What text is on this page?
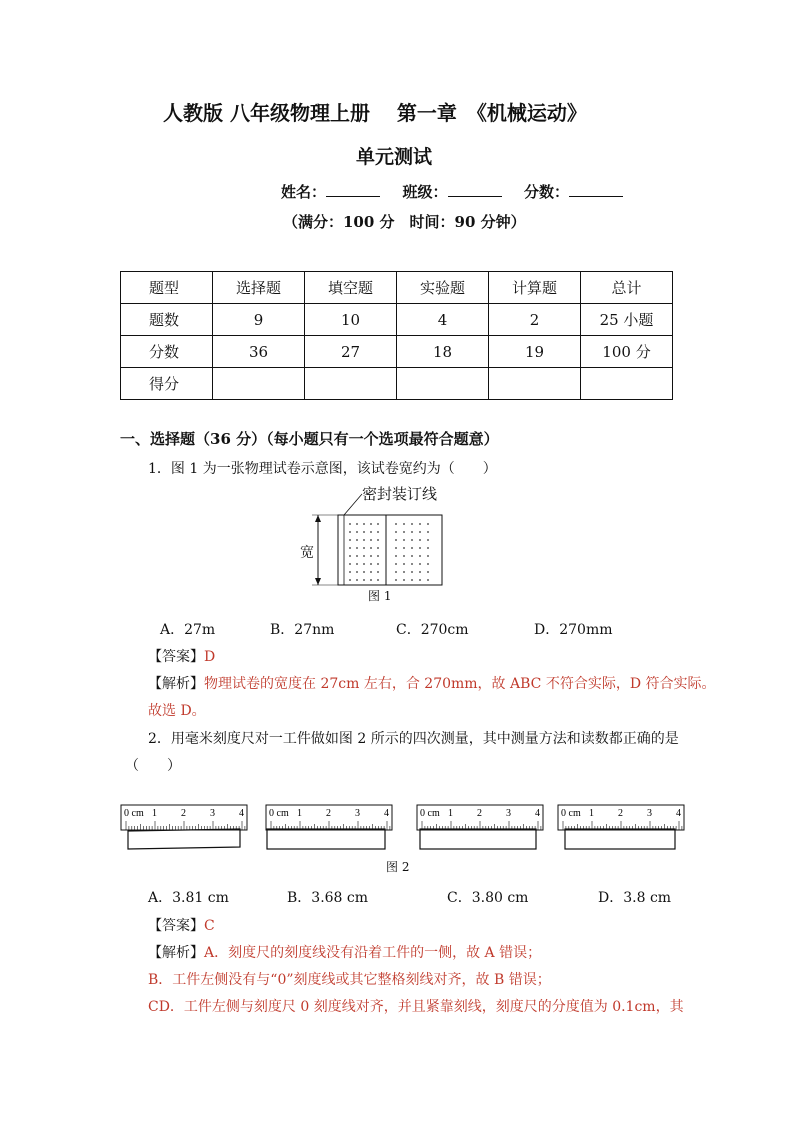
人教版 八年级物理上册　 第一章　《机械运动》
单元测试
姓名：	班级：	分数：
（满分：100 分　时间：90 分钟）
题型	选择题	填空题	实验题	计算题	总计
题数	9	10	4	2	25 小题
分数	36	27	18	19	100 分
得分					
一、选择题（36 分）（每小题只有一个选项最符合题意）
1．图 1 为一张物理试卷示意图，该试卷宽约为（　　）
密封装订线
宽
图 1
A．27m	B．27nm	C．270cm	D．270mm
【答案】D
【解析】物理试卷的宽度在 27cm 左右，合 270mm，故 ABC 不符合实际，D 符合实际。
故选 D。
2．用毫米刻度尺对一工件做如图 2 所示的四次测量，其中测量方法和读数都正确的是
（　　）
0 cm 1 2 3 4	0 cm 1 2 3 4	0 cm 1 2 3 4 0 cm 1 2 3 4
图 2
A．3.81 cm	B．3.68 cm	C．3.80 cm	D．3.8 cm
【答案】C
【解析】A．刻度尺的刻度线没有沿着工件的一侧，故 A 错误；
B．工件左侧没有与“0”刻度线或其它整格刻线对齐，故 B 错误；
CD．工件左侧与刻度尺 0 刻度线对齐，并且紧靠刻线，刻度尺的分度值为 0.1cm，其
